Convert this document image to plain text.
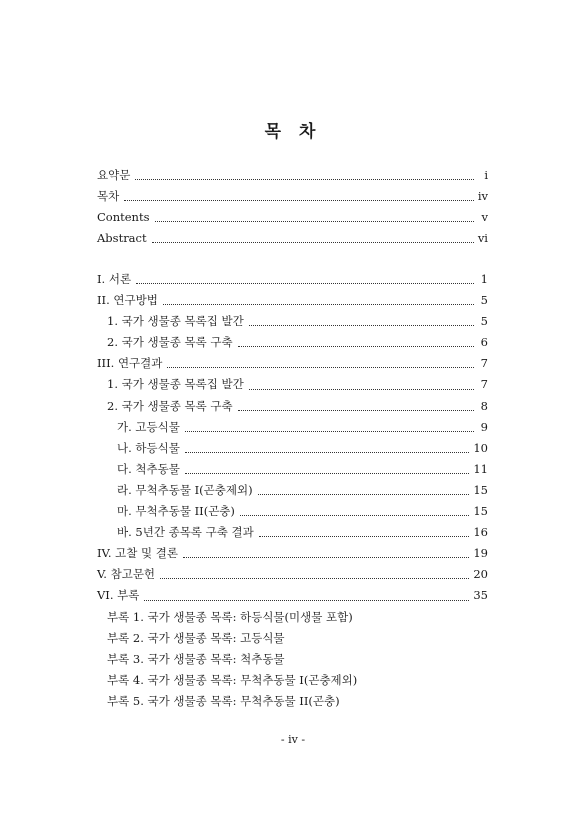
목 차
요약문	i
목차	iv
Contents	v
Abstract	vi
I. 서론	1
II. 연구방법	5
1. 국가 생물종 목록집 발간	5
2. 국가 생물종 목록 구축	6
III. 연구결과	7
1. 국가 생물종 목록집 발간	7
2. 국가 생물종 목록 구축	8
가. 고등식물	9
나. 하등식물	10
다. 척추동물	11
라. 무척추동물 I(곤충제외)	15
마. 무척추동물 II(곤충)	15
바. 5년간 종목록 구축 결과	16
IV. 고찰 및 결론	19
V. 참고문헌	20
VI. 부록	35
부록 1. 국가 생물종 목록: 하등식물(미생물 포함)
부록 2. 국가 생물종 목록: 고등식물
부록 3. 국가 생물종 목록: 척추동물
부록 4. 국가 생물종 목록: 무척추동물 I(곤충제외)
부록 5. 국가 생물종 목록: 무척추동물 II(곤충)
- iv -
